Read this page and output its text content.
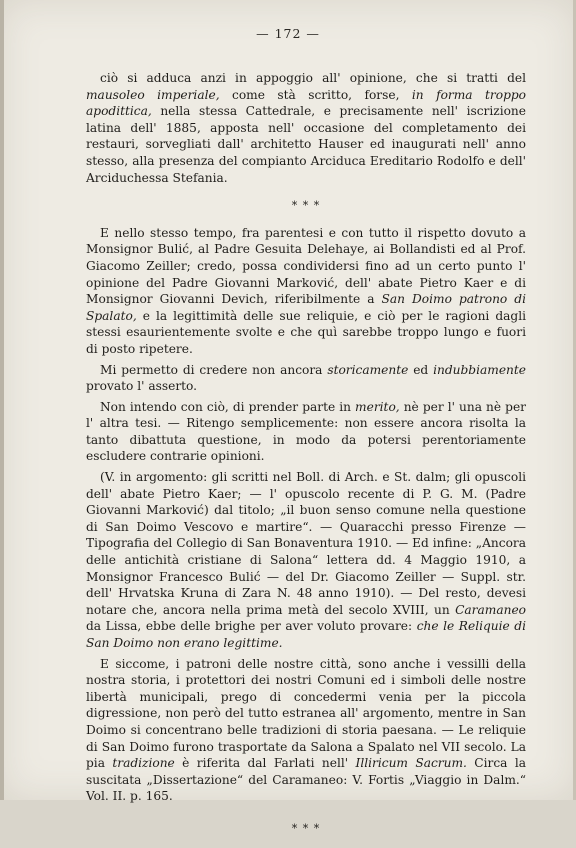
— 172 —

ciò si adduca anzi in appoggio all' opinione, che si tratti del mausoleo imperiale, come stà scritto, forse, in forma troppo apodittica, nella stessa Cattedrale, e precisamente nell' iscrizione latina dell' 1885, apposta nell' occasione del completamento dei restauri, sorvegliati dall' architetto Hauser ed inaugurati nell' anno stesso, alla presenza del compianto Arciduca Ereditario Rodolfo e dell' Arciduchessa Stefania.

* * *

E nello stesso tempo, fra parentesi e con tutto il rispetto dovuto a Monsignor Bulić, al Padre Gesuita Delehaye, ai Bollandisti ed al Prof. Giacomo Zeiller; credo, possa condividersi fino ad un certo punto l' opinione del Padre Giovanni Marković, dell' abate Pietro Kaer e di Monsignor Giovanni Devich, riferibilmente a San Doimo patrono di Spalato, e la legittimità delle sue reliquie, e ciò per le ragioni dagli stessi esaurientemente svolte e che quì sarebbe troppo lungo e fuori di posto ripetere.

Mi permetto di credere non ancora storicamente ed indubbiamente provato l' asserto.

Non intendo con ciò, di prender parte in merito, nè per l' una nè per l' altra tesi. — Ritengo semplicemente: non essere ancora risolta la tanto dibattuta questione, in modo da potersi perentoriamente escludere contrarie opinioni.

(V. in argomento: gli scritti nel Boll. di Arch. e St. dalm; gli opuscoli dell' abate Pietro Kaer; — l' opuscolo recente di P. G. M. (Padre Giovanni Marković) dal titolo; „il buon senso comune nella questione di San Doimo Vescovo e martire“. — Quaracchi presso Firenze — Tipografia del Collegio di San Bonaventura 1910. — Ed infine: „Ancora delle antichità cristiane di Salona“ lettera dd. 4 Maggio 1910, a Monsignor Francesco Bulić — del Dr. Giacomo Zeiller — Suppl. str. dell' Hrvatska Kruna di Zara N. 48 anno 1910). — Del resto, devesi notare che, ancora nella prima metà del secolo XVIII, un Caramaneo da Lissa, ebbe delle brighe per aver voluto provare: che le Reliquie di San Doimo non erano legittime.

E siccome, i patroni delle nostre città, sono anche i vessilli della nostra storia, i protettori dei nostri Comuni ed i simboli delle nostre libertà municipali, prego di concedermi venia per la piccola digressione, non però del tutto estranea all' argomento, mentre in San Doimo si concentrano belle tradizioni di storia paesana. — Le reliquie di San Doimo furono trasportate da Salona a Spalato nel VII secolo. La pia tradizione è riferita dal Farlati nell' Illiricum Sacrum. Circa la suscitata „Dissertazione“ del Caramaneo: V. Fortis „Viaggio in Dalm.“ Vol. II. p. 165.

* * *
